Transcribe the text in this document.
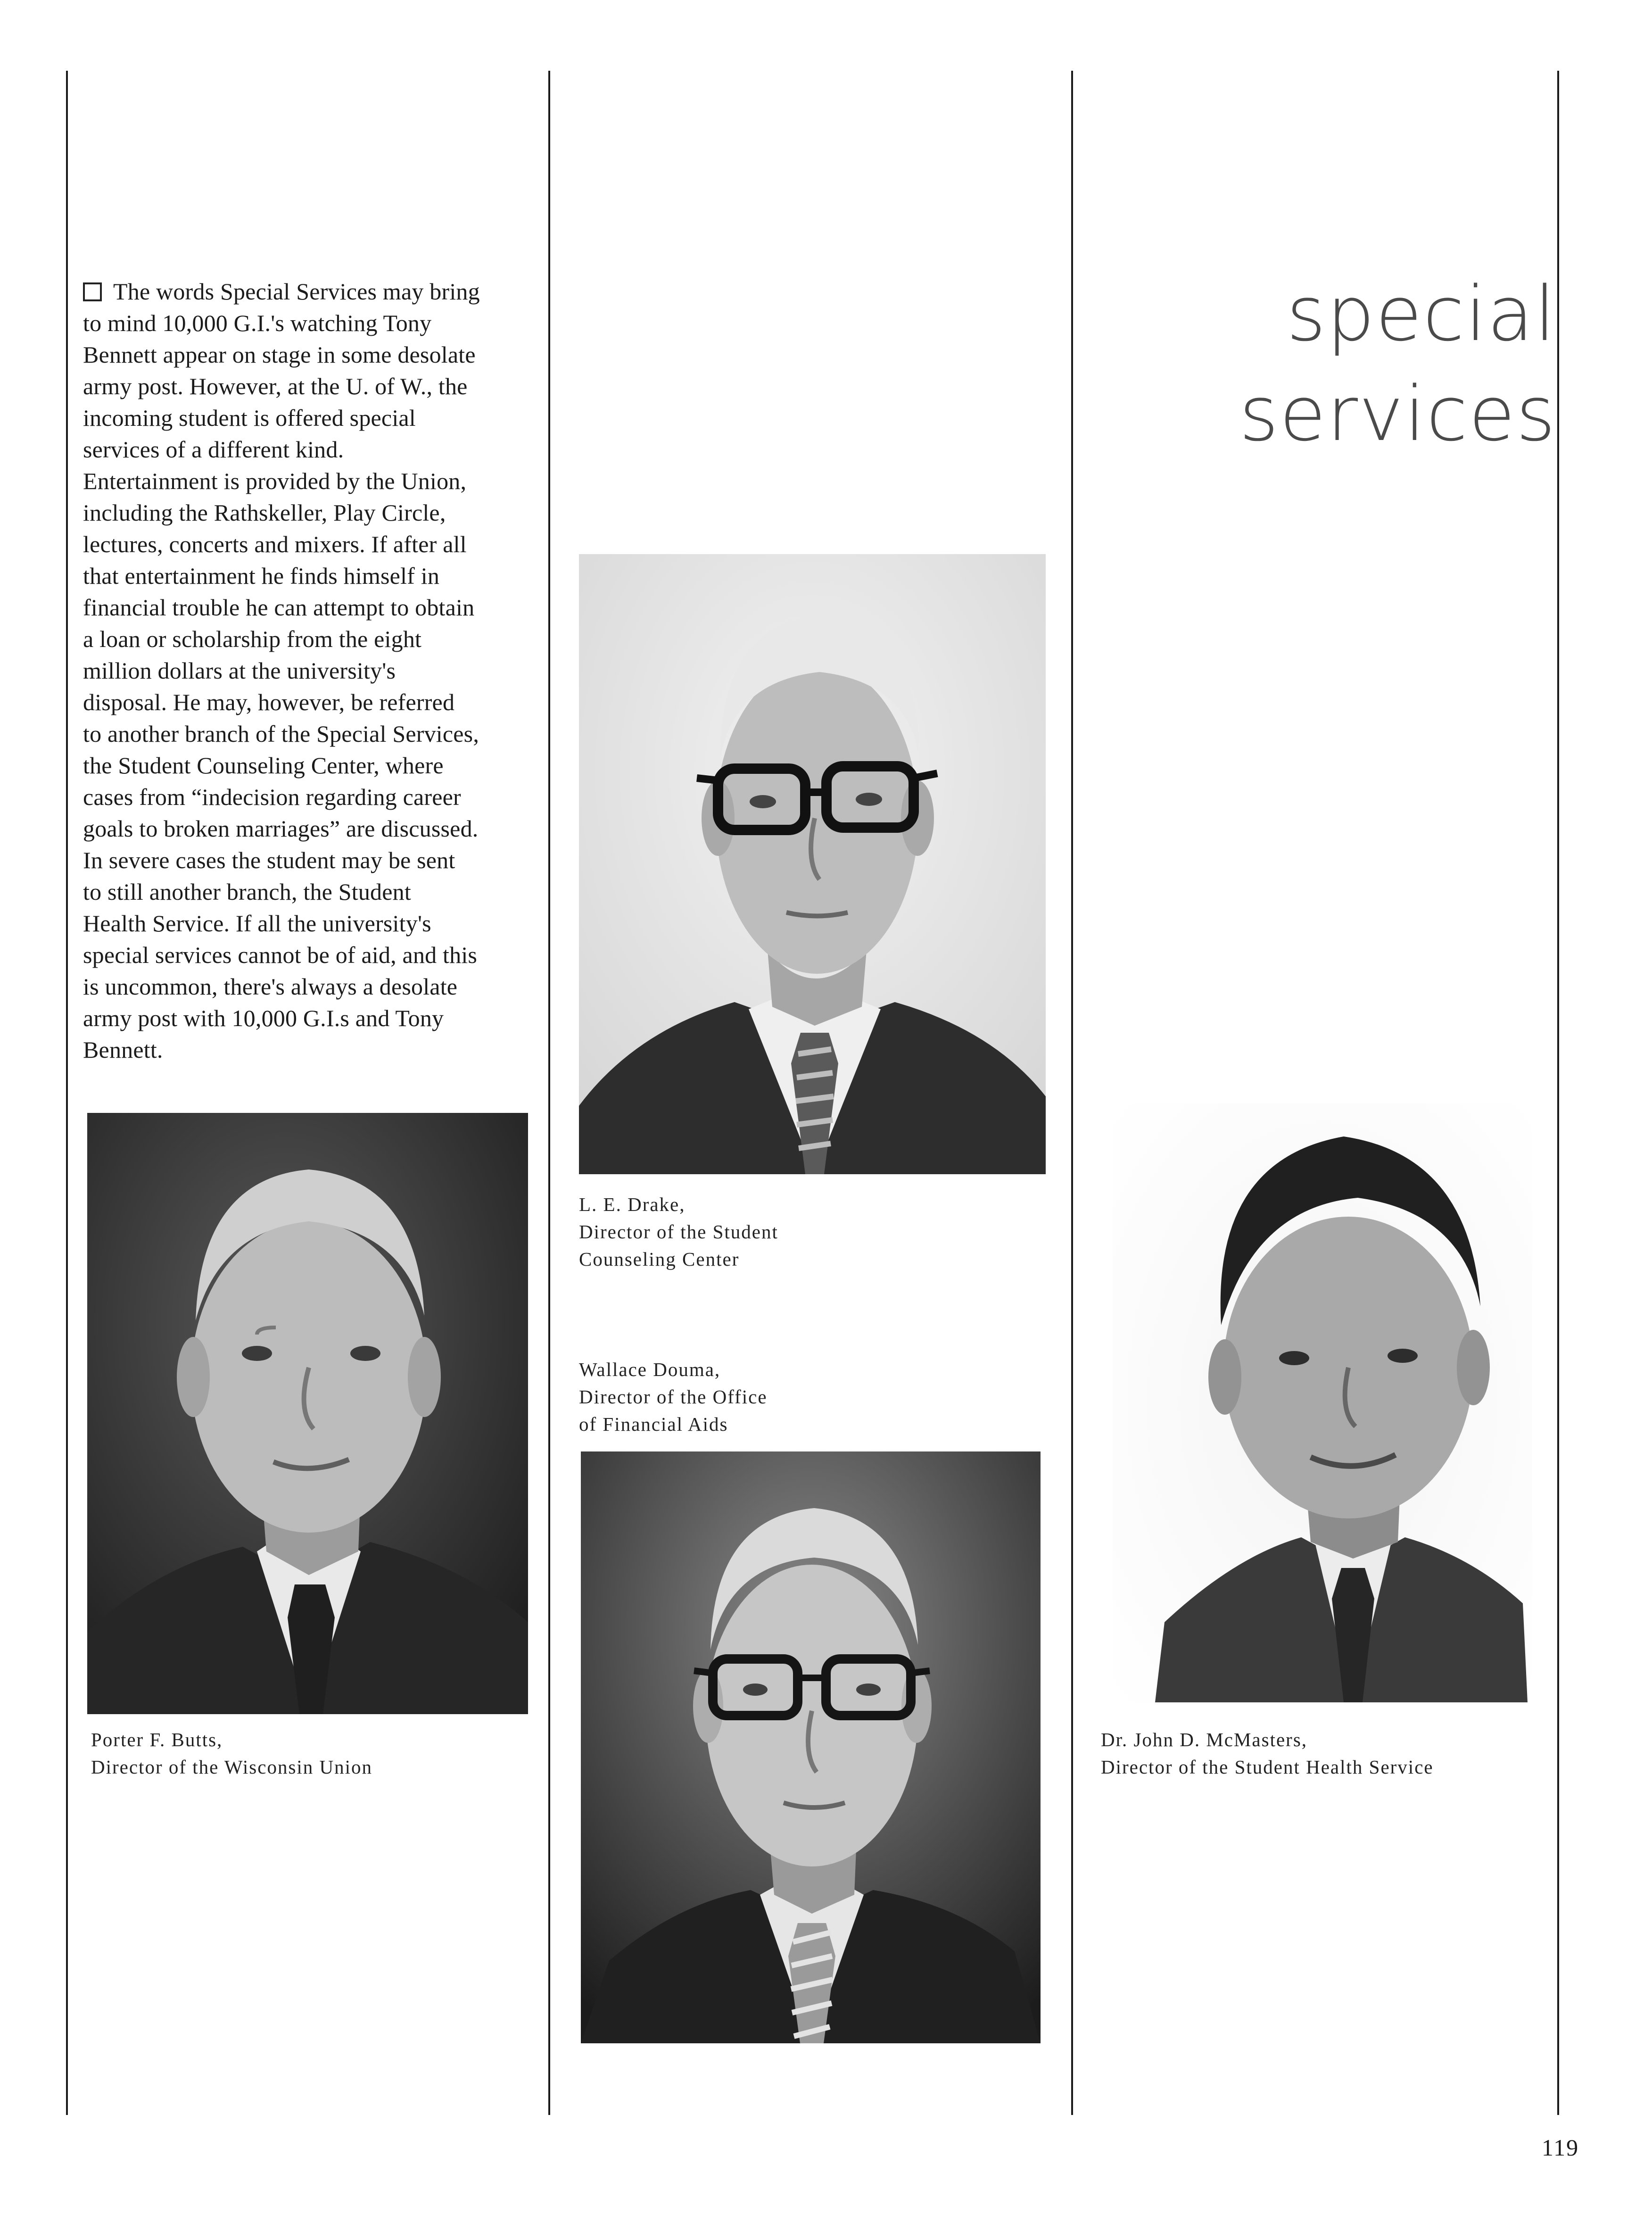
special
services
The words Special Services may bring
to mind 10,000 G.I.'s watching Tony
Bennett appear on stage in some desolate
army post. However, at the U. of W., the
incoming student is offered special
services of a different kind.
Entertainment is provided by the Union,
including the Rathskeller, Play Circle,
lectures, concerts and mixers. If after all
that entertainment he finds himself in
financial trouble he can attempt to obtain
a loan or scholarship from the eight
million dollars at the university's
disposal. He may, however, be referred
to another branch of the Special Services,
the Student Counseling Center, where
cases from “indecision regarding career
goals to broken marriages” are discussed.
In severe cases the student may be sent
to still another branch, the Student
Health Service. If all the university's
special services cannot be of aid, and this
is uncommon, there's always a desolate
army post with 10,000 G.I.s and Tony
Bennett.
L. E. Drake,
Director of the Student
Counseling Center
Wallace Douma,
Director of the Office
of Financial Aids
Porter F. Butts,
Director of the Wisconsin Union
Dr. John D. McMasters,
Director of the Student Health Service
119
